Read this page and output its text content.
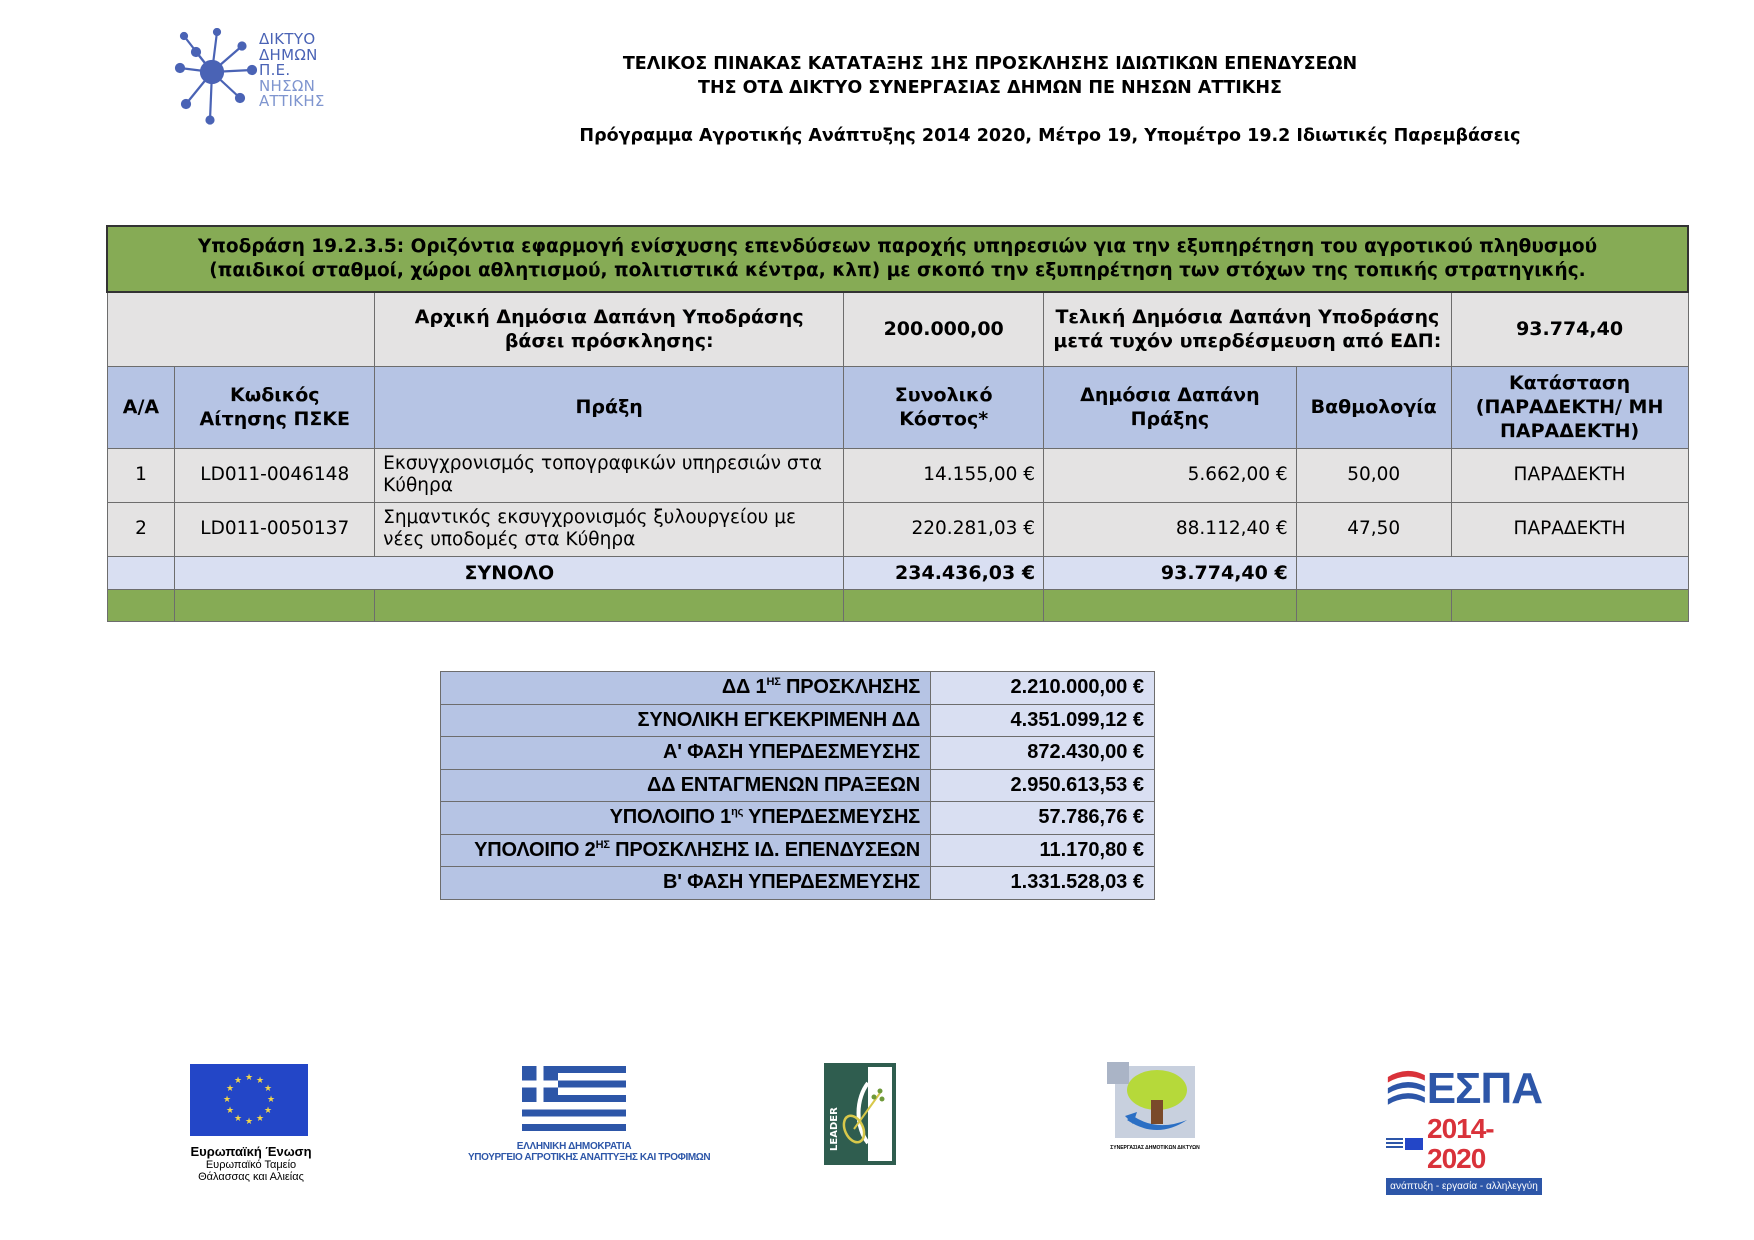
ΔΙΚΤΥΟ
ΔΗΜΩΝ
Π.Ε.
ΝΗΣΩΝ
ΑΤΤΙΚΗΣ
ΤΕΛΙΚΟΣ ΠΙΝΑΚΑΣ ΚΑΤΑΤΑΞΗΣ 1ΗΣ ΠΡΟΣΚΛΗΣΗΣ ΙΔΙΩΤΙΚΩΝ ΕΠΕΝΔΥΣΕΩΝ
ΤΗΣ ΟΤΔ ΔΙΚΤΥΟ ΣΥΝΕΡΓΑΣΙΑΣ ΔΗΜΩΝ ΠΕ ΝΗΣΩΝ ΑΤΤΙΚΗΣ
Πρόγραμμα Αγροτικής Ανάπτυξης 2014 2020, Μέτρο 19, Υπομέτρο 19.2 Ιδιωτικές Παρεμβάσεις
Υποδράση 19.2.3.5: Οριζόντια εφαρμογή ενίσχυσης επενδύσεων παροχής υπηρεσιών για την εξυπηρέτηση του αγροτικού πληθυσμού
(παιδικοί σταθμοί, χώροι αθλητισμού, πολιτιστικά κέντρα, κλπ) με σκοπό την εξυπηρέτηση των στόχων της τοπικής στρατηγικής.						

		Αρχική Δημόσια Δαπάνη Υποδράσης βάσει πρόσκλησης:	200.000,00	Τελική Δημόσια Δαπάνη Υποδράσης μετά τυχόν υπερδέσμευση από ΕΔΠ:		93.774,40
Α/Α	Κωδικός Αίτησης ΠΣΚΕ	Πράξη	Συνολικό Κόστος*	Δημόσια Δαπάνη Πράξης	Βαθμολογία	Κατάσταση (ΠΑΡΑΔΕΚΤΗ/ ΜΗ ΠΑΡΑΔΕΚΤΗ)
1	LD011-0046148	Εκσυγχρονισμός τοπογραφικών υπηρεσιών στα Κύθηρα	14.155,00 €	5.662,00 €	50,00	ΠΑΡΑΔΕΚΤΗ
2	LD011-0050137	Σημαντικός εκσυγχρονισμός ξυλουργείου με νέες υποδομές στα Κύθηρα	220.281,03 €	88.112,40 €	47,50	ΠΑΡΑΔΕΚΤΗ
	ΣΥΝΟΛΟ		234.436,03 €	93.774,40 €		

ΔΔ $1^{H\Sigma}$ ΠΡΟΣΚΛΗΣΗΣ	2.210.000,00 €
ΣΥΝΟΛΙΚΗ ΕΓΚΕΚΡΙΜΕΝΗ ΔΔ	4.351.099,12 €
Α' ΦΑΣΗ ΥΠΕΡΔΕΣΜΕΥΣΗΣ	872.430,00 €
ΔΔ ΕΝΤΑΓΜΕΝΩΝ ΠΡΑΞΕΩΝ	2.950.613,53 €
ΥΠΟΛΟΙΠΟ $1^{\eta\varsigma}$ ΥΠΕΡΔΕΣΜΕΥΣΗΣ	57.786,76 €
ΥΠΟΛΟΙΠΟ $2^{H\Sigma}$ ΠΡΟΣΚΛΗΣΗΣ ΙΔ. ΕΠΕΝΔΥΣΕΩΝ	11.170,80 €
Β' ΦΑΣΗ ΥΠΕΡΔΕΣΜΕΥΣΗΣ	1.331.528,03 €
★ ★
★
★
★
★
★
★
★
★
★
★
Ευρωπαϊκή Ένωση
Ευρωπαϊκό Ταμείο
Θάλασσας και Αλιείας
ΕΛΛΗΝΙΚΗ ΔΗΜΟΚΡΑΤΙΑ
ΥΠΟΥΡΓΕΙΟ ΑΓΡΟΤΙΚΗΣ ΑΝΑΠΤΥΞΗΣ ΚΑΙ ΤΡΟΦΙΜΩΝ
LEADER	ΣΥΝΕΡΓΑΣΙΑΣ ΔΗΜΟΤΙΚΩΝ ΔΙΚΤΥΩΝ
ΕΣΠΑ
2014-2020
ανάπτυξη - εργασία - αλληλεγγύη
